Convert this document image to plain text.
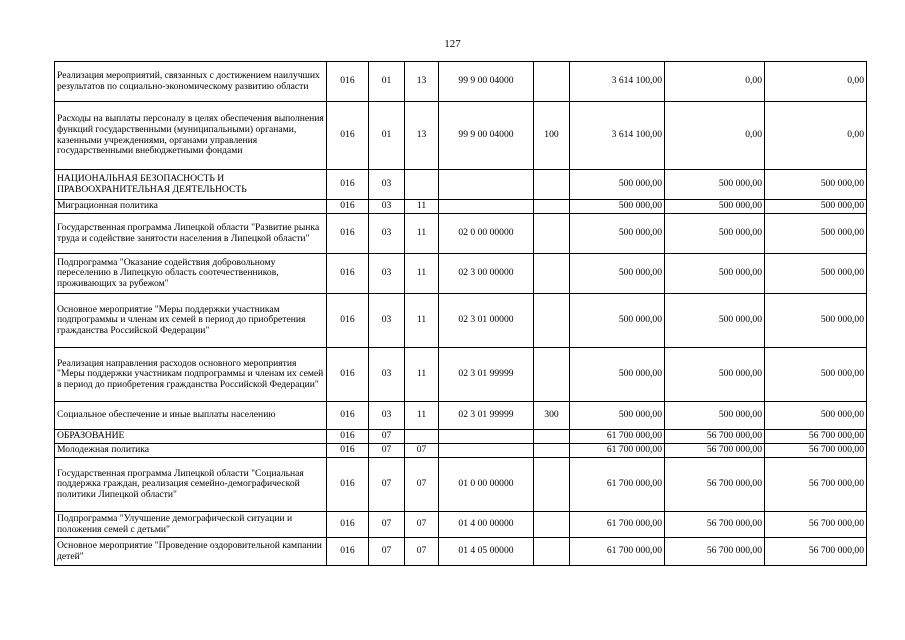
127
Реализация мероприятий, связанных с достижением наилучших результатов по социально-экономическому развитию области	016	01	13	99 9 00 04000		3 614 100,00	0,00	0,00
Расходы на выплаты персоналу в целях обеспечения выполнения функций государственными (муниципальными) органами, казенными учреждениями, органами управления государственными внебюджетными фондами	016	01	13	99 9 00 04000	100	3 614 100,00	0,00	0,00
НАЦИОНАЛЬНАЯ БЕЗОПАСНОСТЬ И ПРАВООХРАНИТЕЛЬНАЯ ДЕЯТЕЛЬНОСТЬ	016	03				500 000,00	500 000,00	500 000,00
Миграционная политика	016	03	11			500 000,00	500 000,00	500 000,00
Государственная программа Липецкой области "Развитие рынка труда и содействие занятости населения в Липецкой области"	016	03	11	02 0 00 00000		500 000,00	500 000,00	500 000,00
Подпрограмма "Оказание содействия добровольному переселению в Липецкую область соотечественников, проживающих за рубежом"	016	03	11	02 3 00 00000		500 000,00	500 000,00	500 000,00
Основное мероприятие "Меры поддержки участникам подпрограммы и членам их семей в период до приобретения гражданства Российской Федерации"	016	03	11	02 3 01 00000		500 000,00	500 000,00	500 000,00
Реализация направления расходов основного мероприятия "Меры поддержки участникам подпрограммы и членам их семей в период до приобретения гражданства Российской Федерации"	016	03	11	02 3 01 99999		500 000,00	500 000,00	500 000,00
Социальное обеспечение и иные выплаты населению	016	03	11	02 3 01 99999	300	500 000,00	500 000,00	500 000,00
ОБРАЗОВАНИЕ	016	07				61 700 000,00	56 700 000,00	56 700 000,00
Молодежная политика	016	07	07			61 700 000,00	56 700 000,00	56 700 000,00
Государственная программа Липецкой области "Социальная поддержка граждан, реализация семейно-демографической политики Липецкой области"	016	07	07	01 0 00 00000		61 700 000,00	56 700 000,00	56 700 000,00
Подпрограмма "Улучшение демографической ситуации и положения семей с детьми"	016	07	07	01 4 00 00000		61 700 000,00	56 700 000,00	56 700 000,00
Основное мероприятие "Проведение оздоровительной кампании детей"	016	07	07	01 4 05 00000		61 700 000,00	56 700 000,00	56 700 000,00
